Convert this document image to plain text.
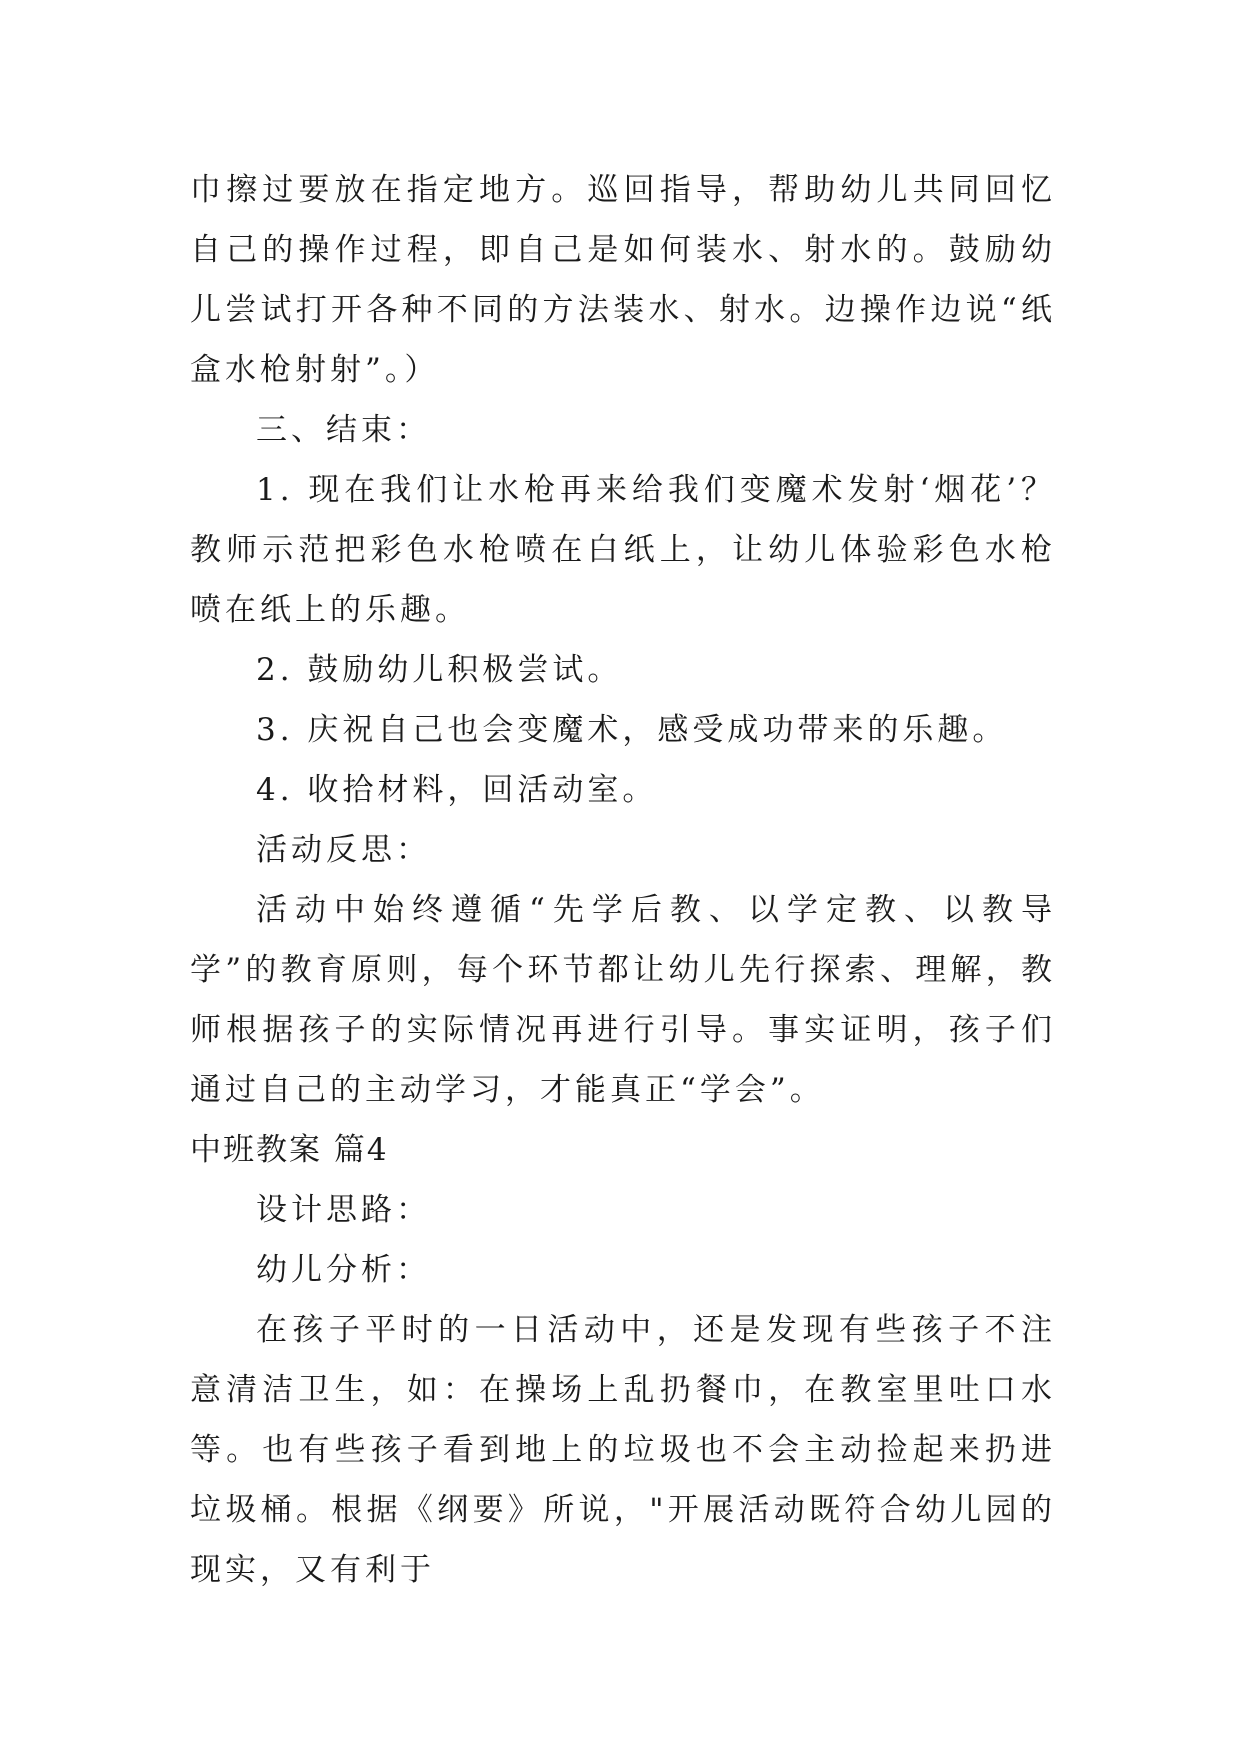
巾擦过要放在指定地方。巡回指导，帮助幼儿共同回忆自己的操作过程，即自己是如何装水、射水的。鼓励幼儿尝试打开各种不同的方法装水、射水。边操作边说“纸盒水枪射射”。）

三、结束：

1. 现在我们让水枪再来给我们变魔术发射‘烟花’？教师示范把彩色水枪喷在白纸上，让幼儿体验彩色水枪喷在纸上的乐趣。

2. 鼓励幼儿积极尝试。

3. 庆祝自己也会变魔术，感受成功带来的乐趣。

4. 收拾材料，回活动室。

活动反思：

活动中始终遵循“先学后教、以学定教、以教导学”的教育原则，每个环节都让幼儿先行探索、理解，教师根据孩子的实际情况再进行引导。事实证明，孩子们通过自己的主动学习，才能真正“学会”。

中班教案 篇4

设计思路：

幼儿分析：

在孩子平时的一日活动中，还是发现有些孩子不注意清洁卫生，如：在操场上乱扔餐巾，在教室里吐口水等。也有些孩子看到地上的垃圾也不会主动捡起来扔进垃圾桶。根据《纲要》所说，"开展活动既符合幼儿园的现实，又有利于
